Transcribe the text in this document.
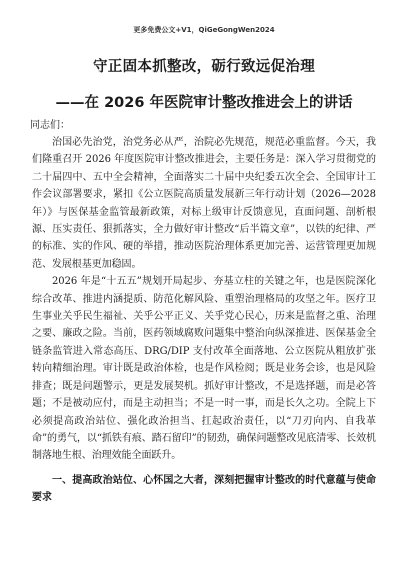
更多免费公文+V1，QiGeGongWen2024
守正固本抓整改，砺行致远促治理
——在 2026 年医院审计整改推进会上的讲话
同志们：

治国必先治党，治党务必从严，治院必先规范，规范必重监督。今天，我们隆重召开 2026 年度医院审计整改推进会，主要任务是：深入学习贯彻党的二十届四中、五中全会精神，全面落实二十届中央纪委五次全会、全国审计工作会议部署要求，紧扣《公立医院高质量发展新三年行动计划（2026—2028 年）》与医保基金监管最新政策，对标上级审计反馈意见，直面问题、剖析根源、压实责任、狠抓落实，全力做好审计整改“后半篇文章”，以铁的纪律、严的标准、实的作风、硬的举措，推动医院治理体系更加完善、运营管理更加规范、发展根基更加稳固。

2026 年是“十五五”规划开局起步、夯基立柱的关键之年，也是医院深化综合改革、推进内涵提质、防范化解风险、重塑治理格局的攻坚之年。医疗卫生事业关乎民生福祉、关乎公平正义、关乎党心民心，历来是监督之重、治理之要、廉政之险。当前，医药领域腐败问题集中整治向纵深推进、医保基金全链条监管进入常态高压、DRG/DIP 支付改革全面落地、公立医院从粗放扩张转向精细治理。审计既是政治体检，也是作风检阅；既是业务会诊，也是风险排查；既是问题警示，更是发展契机。抓好审计整改，不是选择题，而是必答题；不是被动应付，而是主动担当；不是一时一事，而是长久之功。全院上下必须提高政治站位、强化政治担当、扛起政治责任，以“刀刃向内、自我革命”的勇气，以“抓铁有痕、踏石留印”的韧劲，确保问题整改见底清零、长效机制落地生根、治理效能全面跃升。

一、提高政治站位、心怀国之大者，深刻把握审计整改的时代意蕴与使命要求
